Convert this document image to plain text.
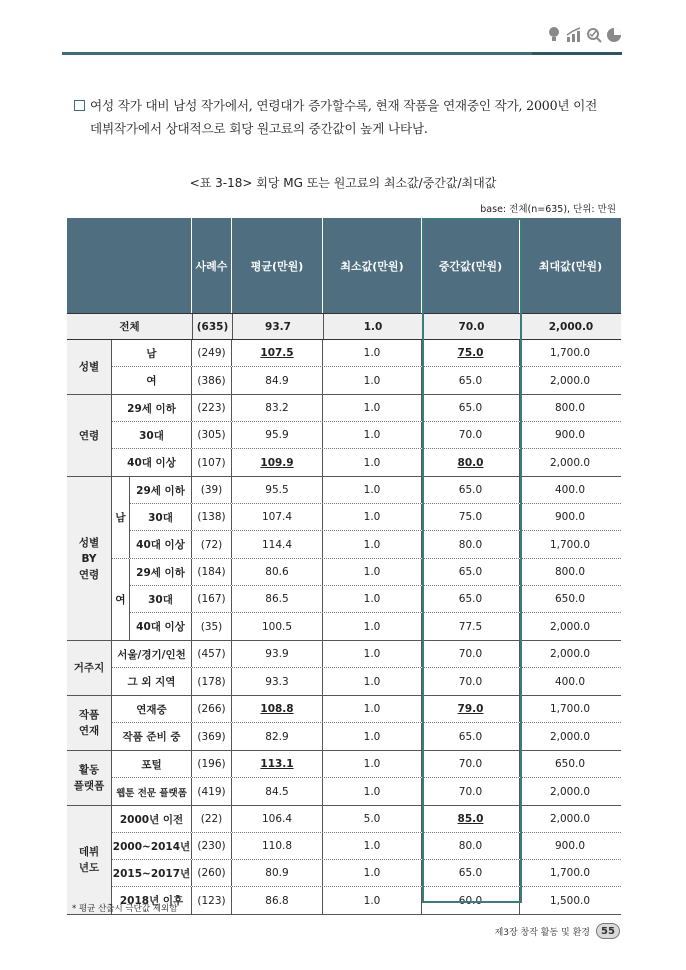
여성 작가 대비 남성 작가에서, 연령대가 증가할수록, 현재 작품을 연재중인 작가, 2000년 이전
데뷔작가에서 상대적으로 회당 원고료의 중간값이 높게 나타남.
<표 3-18> 회당 MG 또는 원고료의 최소값/중간값/최대값
base: 전체(n=635), 단위: 만원
사례수	평균(만원)	최소값(만원)	중간값(만원)	최대값(만원)
전체	(635)	93.7	1.0	70.0	2,000.0
성별
남	(249)	107.5	1.0	75.0	1,700.0
여	(386)	84.9	1.0	65.0	2,000.0
연령
29세 이하	(223)	83.2	1.0	65.0	800.0
30대	(305)	95.9	1.0	70.0	900.0
40대 이상	(107)	109.9	1.0	80.0	2,000.0
성별
BY
연령
남
29세 이하	(39)	95.5	1.0	65.0	400.0
30대	(138)	107.4	1.0	75.0	900.0
40대 이상	(72)	114.4	1.0	80.0	1,700.0
여
29세 이하	(184)	80.6	1.0	65.0	800.0
30대	(167)	86.5	1.0	65.0	650.0
40대 이상	(35)	100.5	1.0	77.5	2,000.0
거주지
서울/경기/인천	(457)	93.9	1.0	70.0	2,000.0
그 외 지역	(178)	93.3	1.0	70.0	400.0
작품
연재
연재중	(266)	108.8	1.0	79.0	1,700.0
작품 준비 중	(369)	82.9	1.0	65.0	2,000.0
활동
플랫폼
포털	(196)	113.1	1.0	70.0	650.0
웹툰 전문 플랫폼 (419)	84.5	1.0	70.0	2,000.0
데뷔
년도
2000년 이전	(22)	106.4	5.0	85.0	2,000.0
2000~2014년 (230)	110.8	1.0	80.0	900.0
2015~2017년 (260)	80.9	1.0	65.0	1,700.0
2018년 이후	(123)	86.8	1.0	60.0	1,500.0
* 평균 산출시 극단값 제외함
제3장 창작 활동 및 환경	55
